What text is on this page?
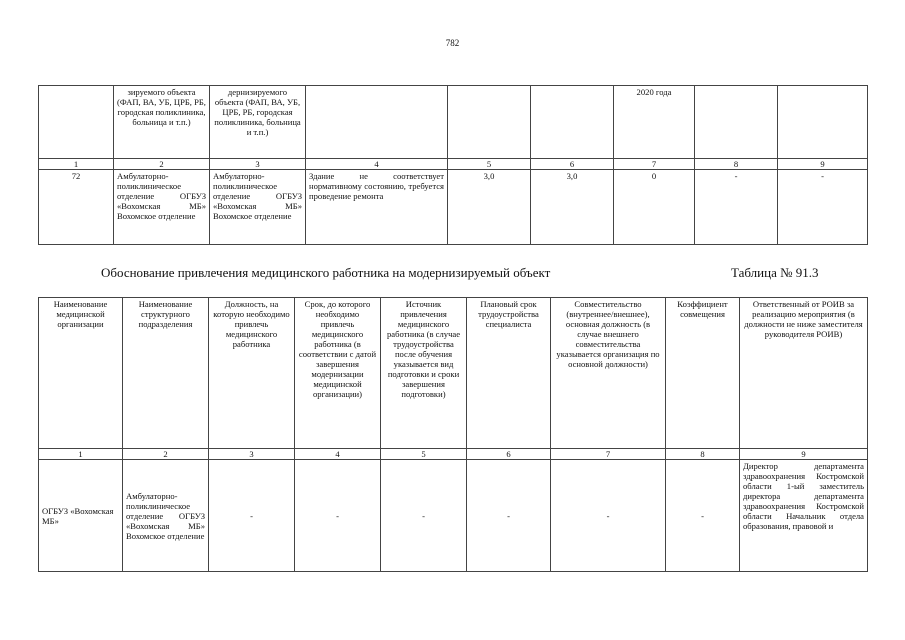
782
	зируемого объекта (ФАП, ВА, УБ, ЦРБ, РБ, городская поликлиника, больница и т.п.)	дернизируемого объекта (ФАП, ВА, УБ, ЦРБ, РБ, городская поликлиника, больница и т.п.)				2020 года		
1	2	3	4	5	6	7	8	9
72	Амбулаторно-поликлиническое отделение ОГБУЗ «Вохомская МБ» Вохомское отделение	Амбулаторно-поликлиническое отделение ОГБУЗ «Вохомская МБ» Вохомское отделение	Здание не соответствует нормативному состоянию, требуется проведение ремонта	3,0	3,0	0	-	-
Обоснование привлечения медицинского работника на модернизируемый объект	Таблица № 91.3
Наименование медицинской организации	Наименование структурного подразделения	Должность, на которую необходимо привлечь медицинского работника	Срок, до которого необходимо привлечь медицинского работника (в соответствии с датой завершения модернизации медицинской организации)	Источник привлечения медицинского работника (в случае трудоустройства после обучения указывается вид подготовки и сроки завершения подготовки)	Плановый срок трудоустройства специалиста	Совместительство (внутреннее/внешнее), основная должность (в случае внешнего совместительства указывается организация по основной должности)	Коэффициент совмещения	Ответственный от РОИВ за реализацию мероприятия (в должности не ниже заместителя руководителя РОИВ)
1	2	3	4	5	6	7	8	9
ОГБУЗ «Вохомская МБ»	Амбулаторно-поликлиническое отделение ОГБУЗ «Вохомская МБ» Вохомское отделение	-	-	-	-	-	-	Директор департамента здравоохранения Костромской области 1-ый заместитель директора департамента здравоохранения Костромской области Начальник отдела образования, правовой и
